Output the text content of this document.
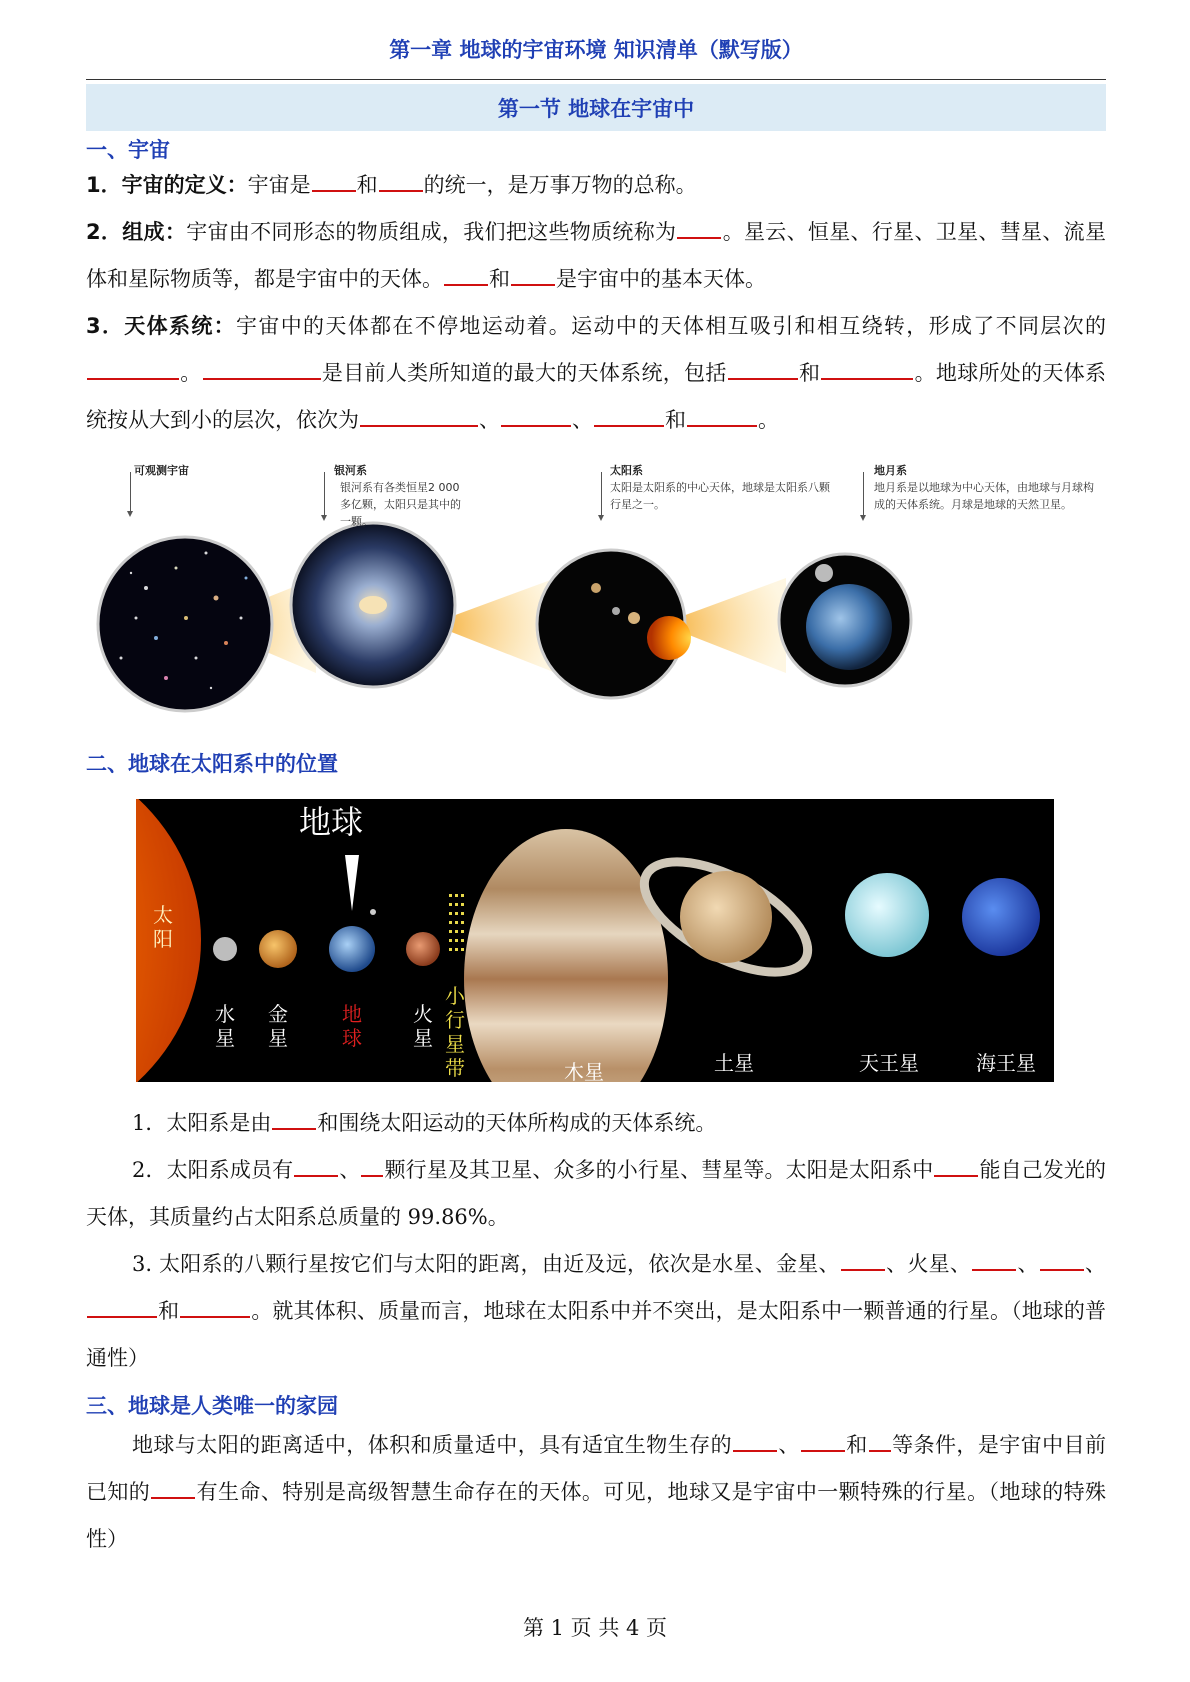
第一章 地球的宇宙环境 知识清单（默写版）
第一节 地球在宇宙中
一、宇宙
1．宇宙的定义：宇宙是 和 的统一，是万事万物的总称。
2．组成：宇宙由不同形态的物质组成，我们把这些物质统称为 。星云、恒星、行星、卫星、彗星、流星体和星际物质等，都是宇宙中的天体。 和 是宇宙中的基本天体。
3．天体系统：宇宙中的天体都在不停地运动着。运动中的天体相互吸引和相互绕转，形成了不同层次的。	是目前人类所知道的最大的天体系统，包括	和	。地球所处的天体系统按从大到小的层次，依次为	、	、	和	。
可观测宇宙	银河系
银河系有各类恒星2 000多亿颗，太阳只是其中的一颗。
太阳系
太阳是太阳系的中心天体，地球是太阳系八颗行星之一。
地月系
地月系是以地球为中心天体，由地球与月球构成的天体系统。月球是地球的天然卫星。
二、地球在太阳系中的位置
地球
太阳
水星
金星
地球
火星
小行星带	木星	土星	天王星	海王星
1．太阳系是由 和围绕太阳运动的天体所构成的天体系统。
2．太阳系成员有 、 颗行星及其卫星、众多的小行星、彗星等。太阳是太阳系中 能自己发光的天体，其质量约占太阳系总质量的 99.86%。
3. 太阳系的八颗行星按它们与太阳的距离，由近及远，依次是水星、金星、 、火星、 、 、和	。就其体积、质量而言，地球在太阳系中并不突出，是太阳系中一颗普通的行星。（地球的普通性）
三、地球是人类唯一的家园
地球与太阳的距离适中，体积和质量适中，具有适宜生物生存的 、 和 等条件，是宇宙中目前已知的 有生命、特别是高级智慧生命存在的天体。可见，地球又是宇宙中一颗特殊的行星。（地球的特殊性）
第 1 页 共 4 页
